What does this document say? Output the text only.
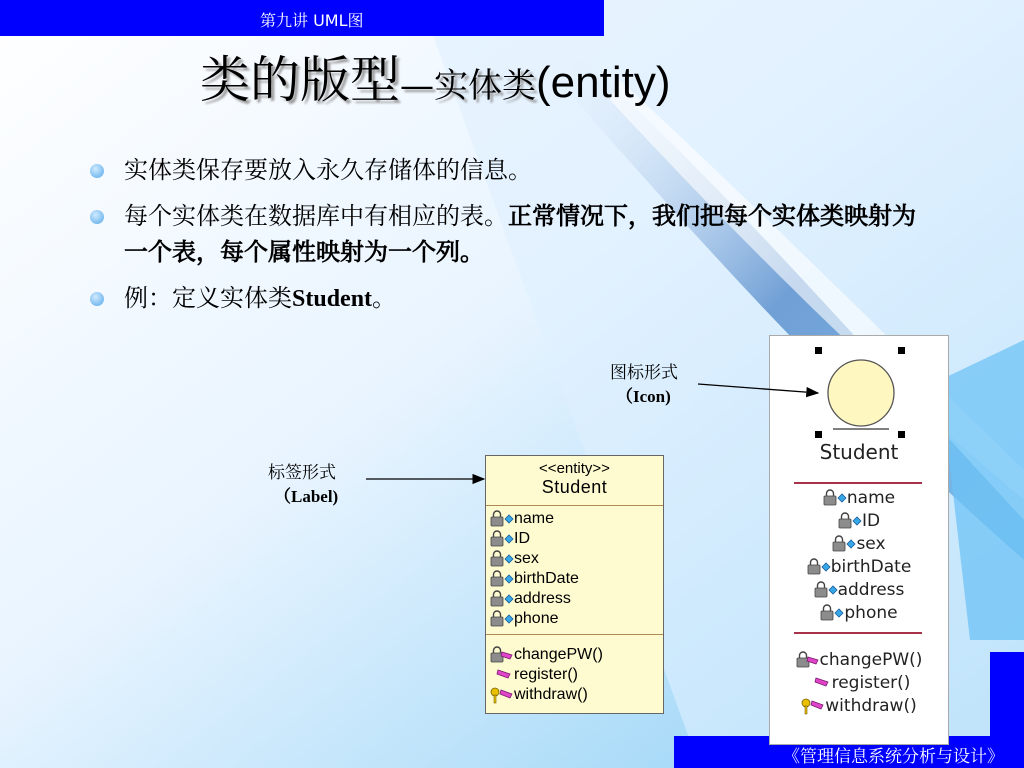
第九讲 UML图
类的版型—实体类(entity)
实体类保存要放入永久存储体的信息。
每个实体类在数据库中有相应的表。正常情况下，我们把每个实体类映射为一个表，每个属性映射为一个列。
例：定义实体类Student。
标签形式
（Label)
图标形式
（Icon)
<<entity>>
Student
name
ID
sex
birthDate
address
phone
changePW()
register()
withdraw()
Student
name
ID
sex
birthDate
address
phone
changePW()
register()
withdraw()
《管理信息系统分析与设计》
